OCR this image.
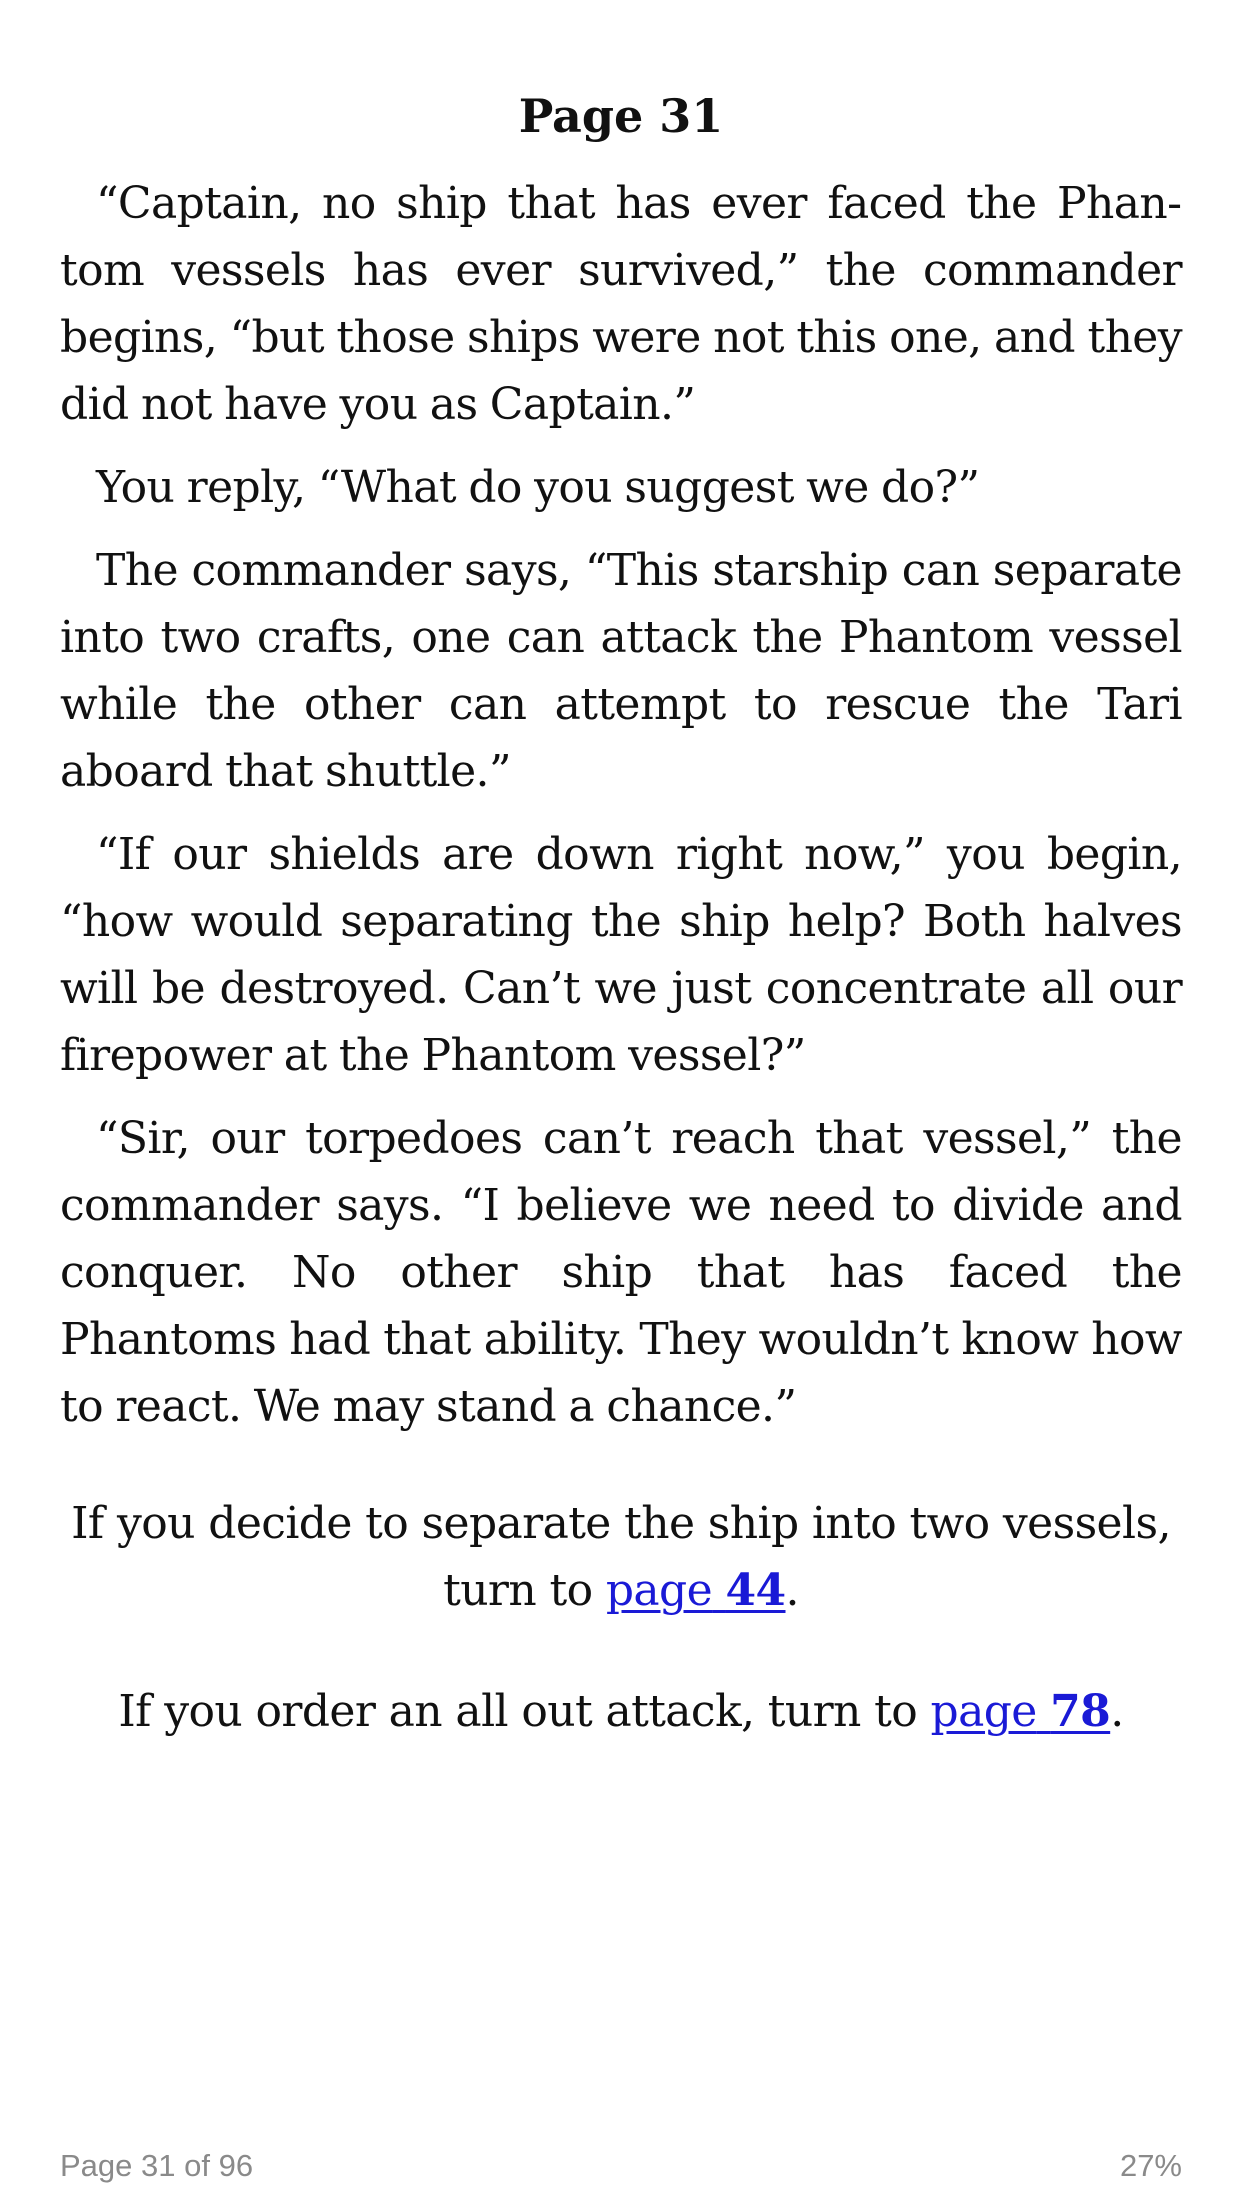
Page 31

“Captain, no ship that has ever faced the Phantom vessels has ever survived,” the commander begins, “but those ships were not this one, and they did not have you as Captain.”

You reply, “What do you suggest we do?”

The commander says, “This starship can separate into two crafts, one can attack the Phantom vessel while the other can attempt to rescue the Tari aboard that shuttle.”

“If our shields are down right now,” you begin, “how would separating the ship help? Both halves will be destroyed. Can’t we just concentrate all our firepower at the Phantom vessel?”

“Sir, our torpedoes can’t reach that vessel,” the commander says. “I believe we need to divide and conquer. No other ship that has faced the Phantoms had that ability. They wouldn’t know how to react. We may stand a chance.”

If you decide to separate the ship into two vessels, turn to page 44.
If you order an all out attack, turn to page 78.
Page 31 of 96	27%
